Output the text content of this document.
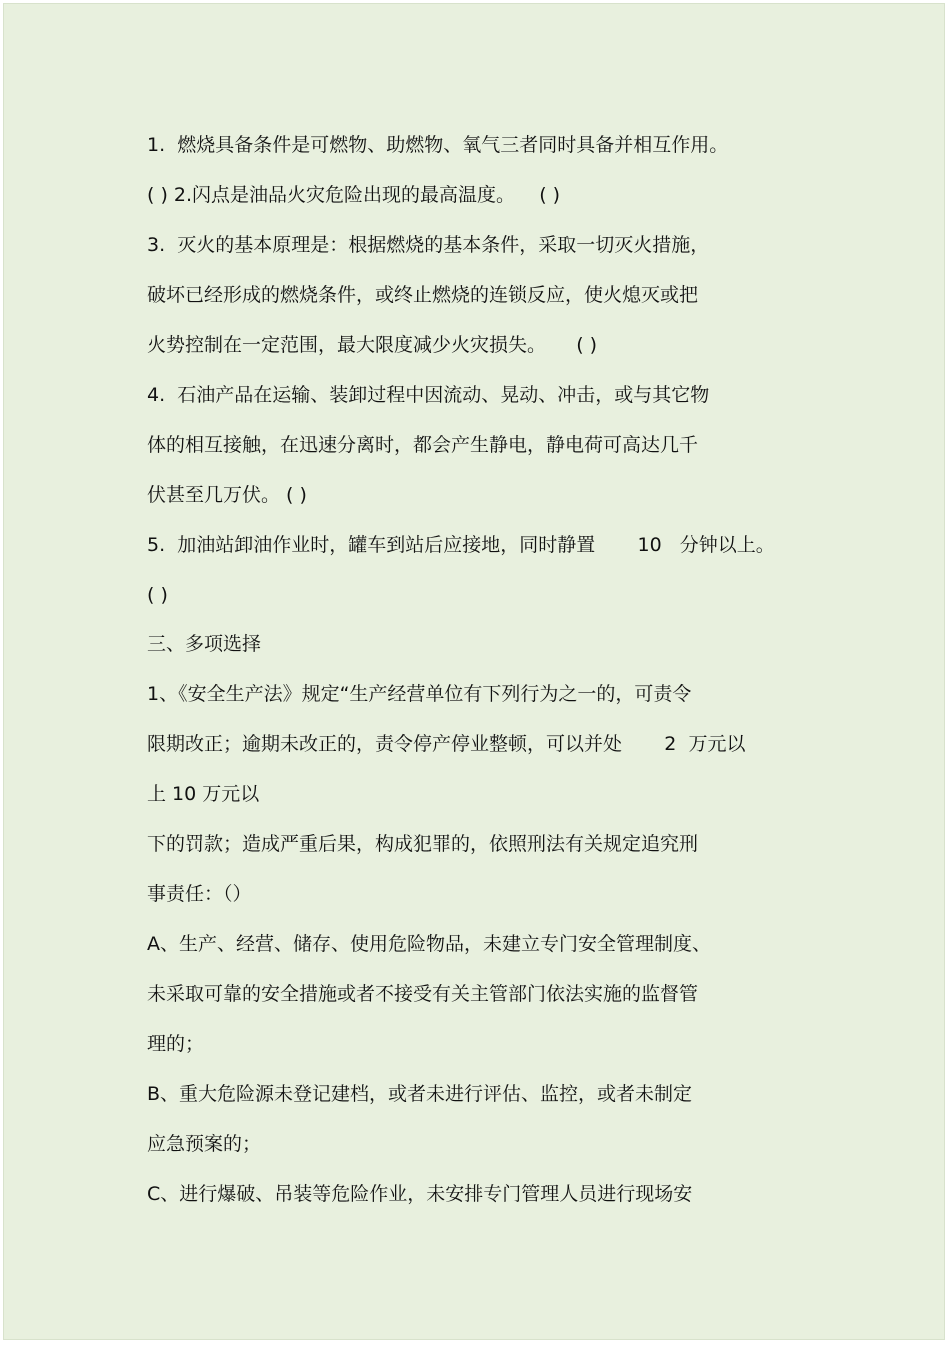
1.  燃烧具备条件是可燃物、助燃物、氧气三者同时具备并相互作用。

( ) 2.闪点是油品火灾危险出现的最高温度。    ( )

3.  灭火的基本原理是：根据燃烧的基本条件，采取一切灭火措施，

破坏已经形成的燃烧条件，或终止燃烧的连锁反应，使火熄灭或把

火势控制在一定范围，最大限度减少火灾损失。     ( )

4.  石油产品在运输、装卸过程中因流动、晃动、冲击，或与其它物

体的相互接触，在迅速分离时，都会产生静电，静电荷可高达几千

伏甚至几万伏。 ( )

5.  加油站卸油作业时，罐车到站后应接地，同时静置       10   分钟以上。

( )

三、多项选择

1、《安全生产法》规定“生产经营单位有下列行为之一的，可责令

限期改正；逾期未改正的，责令停产停业整顿，可以并处       2  万元以

上 10 万元以

下的罚款；造成严重后果，构成犯罪的，依照刑法有关规定追究刑

事责任：（）

A、生产、经营、储存、使用危险物品，未建立专门安全管理制度、

未采取可靠的安全措施或者不接受有关主管部门依法实施的监督管

理的；

B、重大危险源未登记建档，或者未进行评估、监控，或者未制定

应急预案的；

C、进行爆破、吊装等危险作业，未安排专门管理人员进行现场安
